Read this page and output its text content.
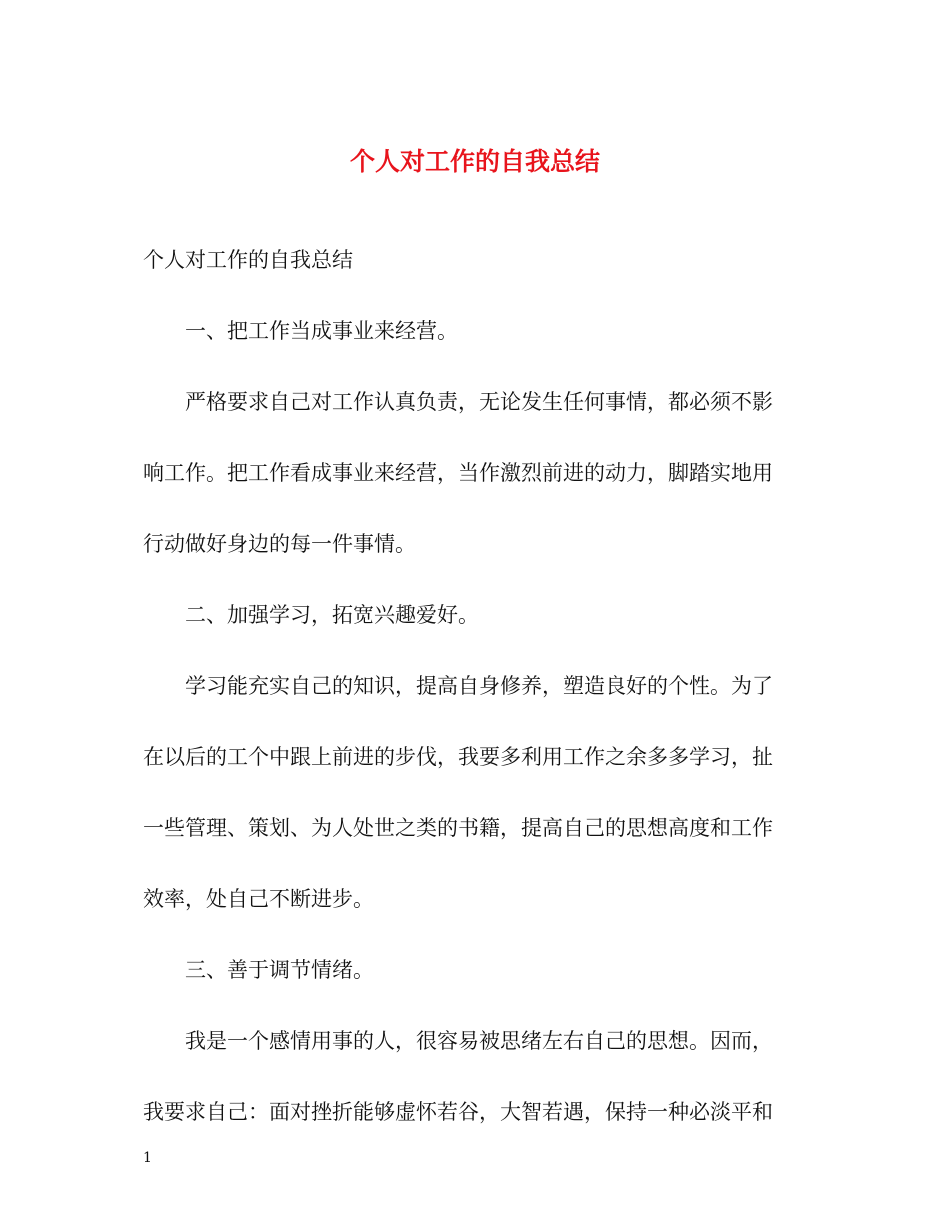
个人对工作的自我总结
个人对工作的自我总结
一、把工作当成事业来经营。
严格要求自己对工作认真负责，无论发生任何事情，都必须不影
响工作。把工作看成事业来经营，当作激烈前进的动力，脚踏实地用
行动做好身边的每一件事情。
二、加强学习，拓宽兴趣爱好。
学习能充实自己的知识，提高自身修养，塑造良好的个性。为了
在以后的工个中跟上前进的步伐，我要多利用工作之余多多学习，扯
一些管理、策划、为人处世之类的书籍，提高自己的思想高度和工作
效率，处自己不断进步。
三、善于调节情绪。
我是一个感情用事的人，很容易被思绪左右自己的思想。因而，
我要求自己：面对挫折能够虚怀若谷，大智若遇，保持一种必淡平和
1
